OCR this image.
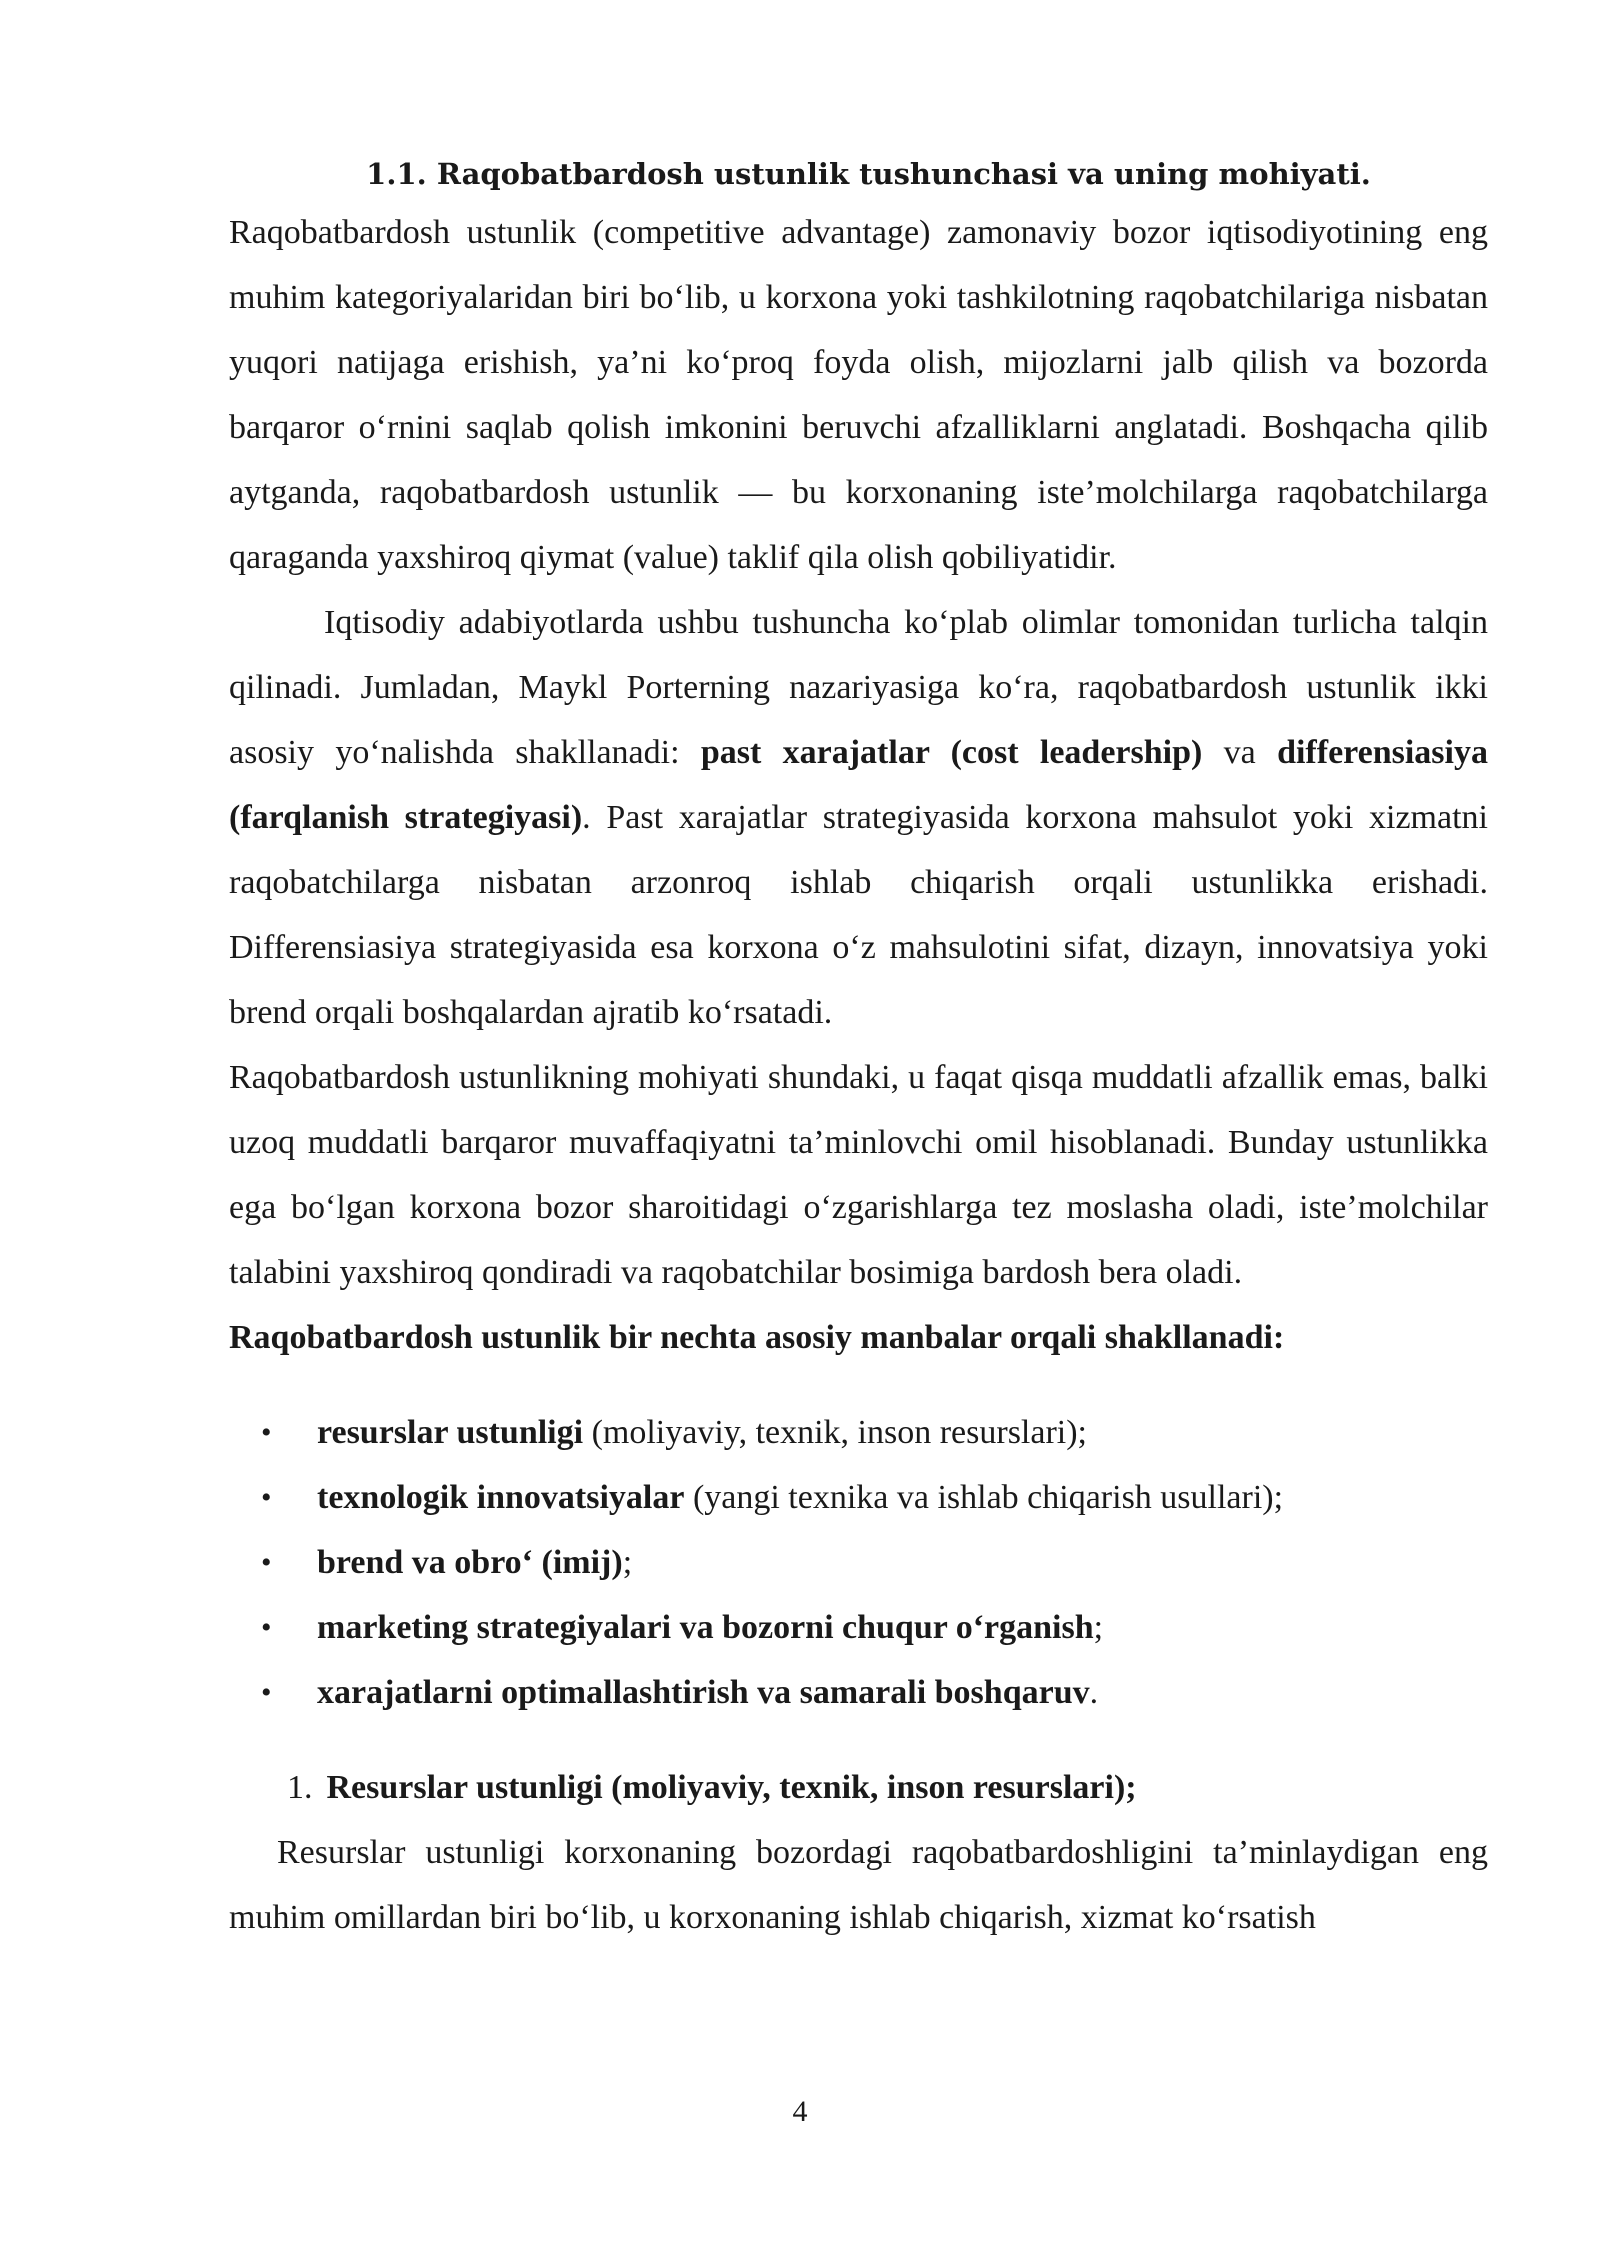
1.1. Raqobatbardosh ustunlik tushunchasi va uning mohiyati.

Raqobatbardosh ustunlik (competitive advantage) zamonaviy bozor iqtisodiyotining eng muhim kategoriyalaridan biri bo‘lib, u korxona yoki tashkilotning raqobatchilariga nisbatan yuqori natijaga erishish, ya’ni ko‘proq foyda olish, mijozlarni jalb qilish va bozorda barqaror o‘rnini saqlab qolish imkonini beruvchi afzalliklarni anglatadi. Boshqacha qilib aytganda, raqobatbardosh ustunlik — bu korxonaning iste’molchilarga raqobatchilarga qaraganda yaxshiroq qiymat (value) taklif qila olish qobiliyatidir.

Iqtisodiy adabiyotlarda ushbu tushuncha ko‘plab olimlar tomonidan turlicha talqin qilinadi. Jumladan, Maykl Porterning nazariyasiga ko‘ra, raqobatbardosh ustunlik ikki asosiy yo‘nalishda shakllanadi: past xarajatlar (cost leadership) va differensiasiya (farqlanish strategiyasi). Past xarajatlar strategiyasida korxona mahsulot yoki xizmatni raqobatchilarga nisbatan arzonroq ishlab chiqarish orqali ustunlikka erishadi. Differensiasiya strategiyasida esa korxona o‘z mahsulotini sifat, dizayn, innovatsiya yoki brend orqali boshqalardan ajratib ko‘rsatadi.

Raqobatbardosh ustunlikning mohiyati shundaki, u faqat qisqa muddatli afzallik emas, balki uzoq muddatli barqaror muvaffaqiyatni ta’minlovchi omil hisoblanadi. Bunday ustunlikka ega bo‘lgan korxona bozor sharoitidagi o‘zgarishlarga tez moslasha oladi, iste’molchilar talabini yaxshiroq qondiradi va raqobatchilar bosimiga bardosh bera oladi.

Raqobatbardosh ustunlik bir nechta asosiy manbalar orqali shakllanadi:

• resurslar ustunligi (moliyaviy, texnik, inson resurslari);
• texnologik innovatsiyalar (yangi texnika va ishlab chiqarish usullari);
• brend va obro‘ (imij);
• marketing strategiyalari va bozorni chuqur o‘rganish;
• xarajatlarni optimallashtirish va samarali boshqaruv.

1. Resurslar ustunligi (moliyaviy, texnik, inson resurslari);

Resurslar ustunligi korxonaning bozordagi raqobatbardoshligini ta’minlaydigan eng muhim omillardan biri bo‘lib, u korxonaning ishlab chiqarish, xizmat ko‘rsatish

4
